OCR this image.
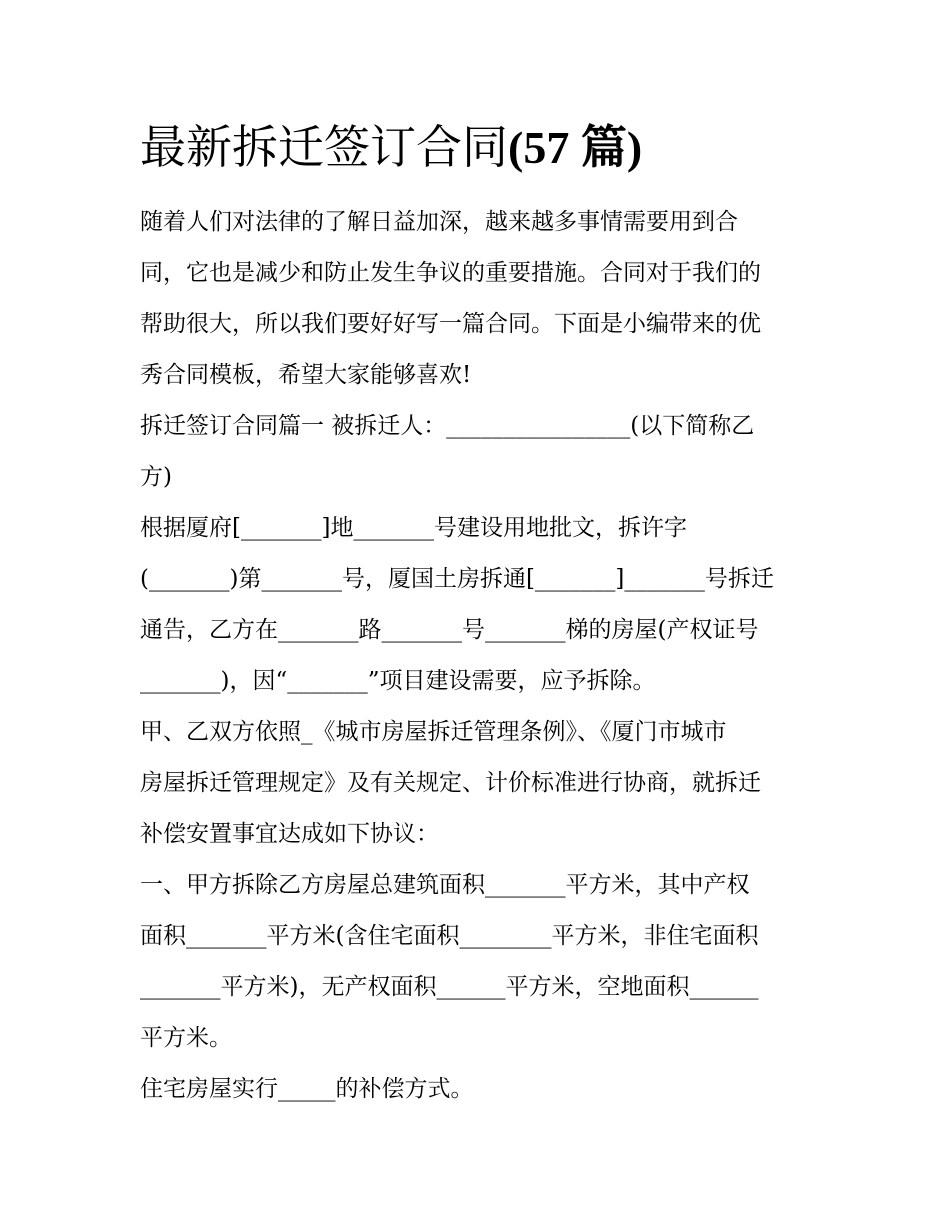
最新拆迁签订合同(57 篇)
随着人们对法律的了解日益加深，越来越多事情需要用到合
同，它也是减少和防止发生争议的重要措施。合同对于我们的
帮助很大，所以我们要好好写一篇合同。下面是小编带来的优
秀合同模板，希望大家能够喜欢!
拆迁签订合同篇一 被拆迁人：________________(以下简称乙
方)
根据厦府[_______]地_______号建设用地批文，拆许字
(_______)第_______号，厦国土房拆通[_______]_______号拆迁
通告，乙方在_______路_______号_______梯的房屋(产权证号
_______)，因“_______”项目建设需要，应予拆除。
甲、乙双方依照_《城市房屋拆迁管理条例》、《厦门市城市
房屋拆迁管理规定》及有关规定、计价标准进行协商，就拆迁
补偿安置事宜达成如下协议：
一、甲方拆除乙方房屋总建筑面积_______平方米，其中产权
面积_______平方米(含住宅面积________平方米，非住宅面积
_______平方米)，无产权面积______平方米，空地面积______
平方米。
住宅房屋实行_____的补偿方式。
